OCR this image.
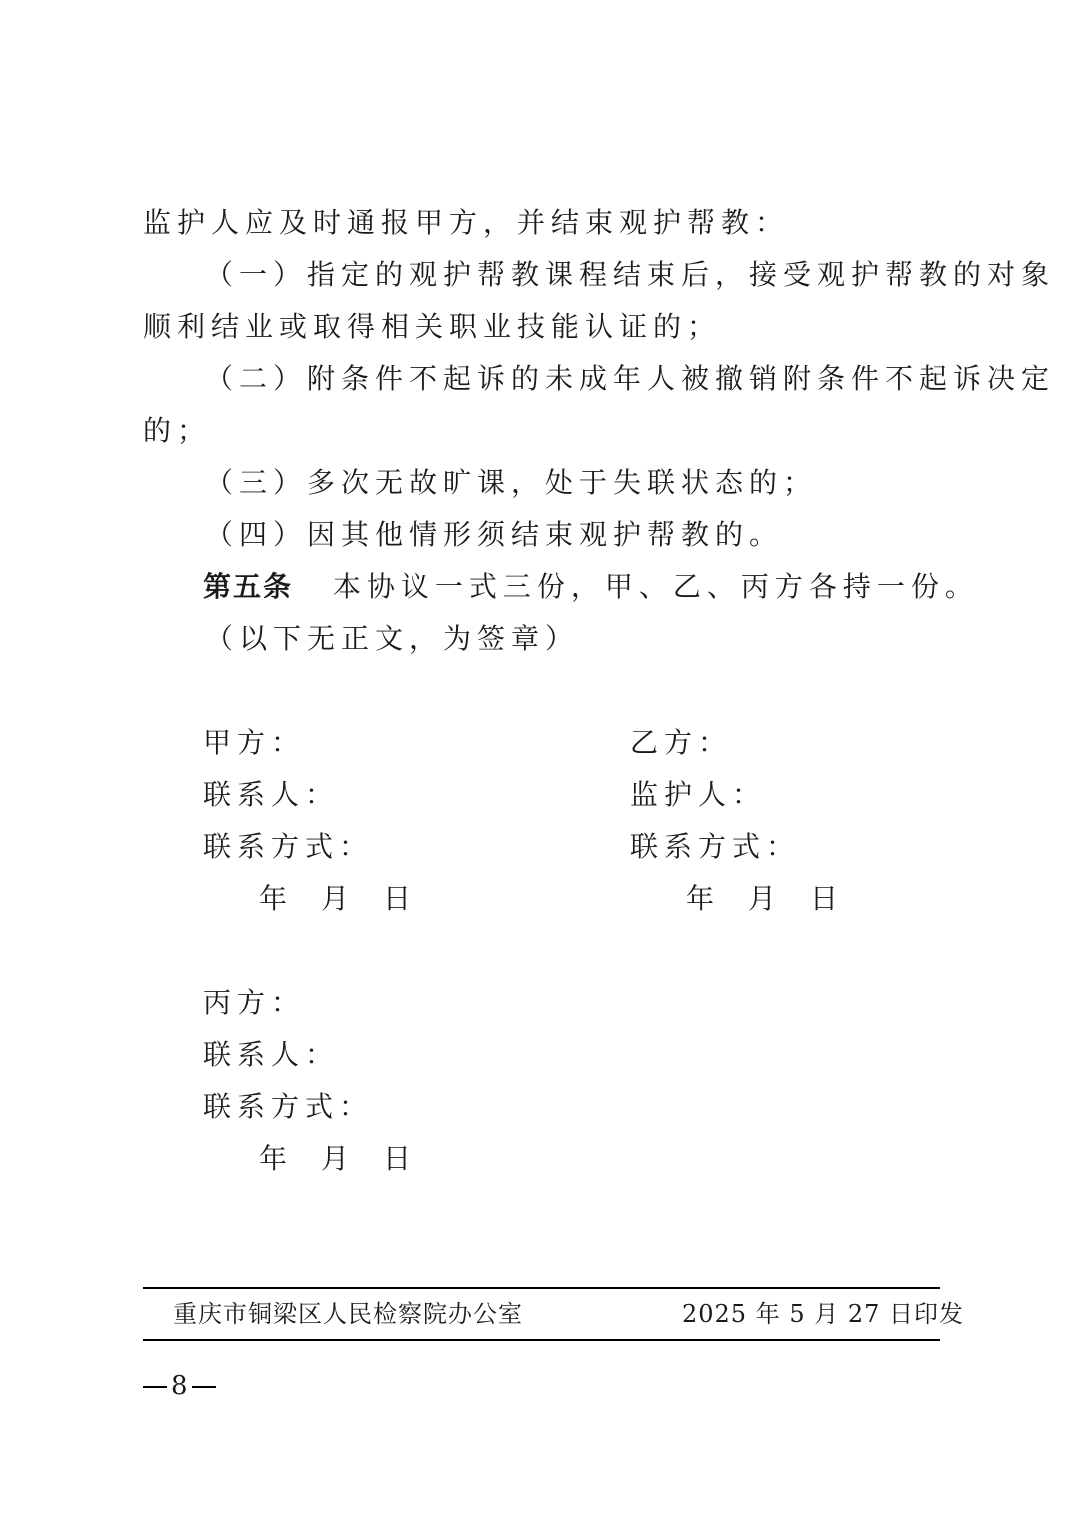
监护人应及时通报甲方，并结束观护帮教：
（一）指定的观护帮教课程结束后，接受观护帮教的对象
顺利结业或取得相关职业技能认证的；
（二）附条件不起诉的未成年人被撤销附条件不起诉决定
的；
（三）多次无故旷课，处于失联状态的；
（四）因其他情形须结束观护帮教的。
第五条 本协议一式三份，甲、乙、丙方各持一份。
（以下无正文，为签章）
甲方：
联系人：
联系方式：
年 月 日
乙方：
监护人：
联系方式：
年 月 日
丙方：
联系人：
联系方式：
年 月 日
重庆市铜梁区人民检察院办公室	2025 年 5 月 27 日印发
8
